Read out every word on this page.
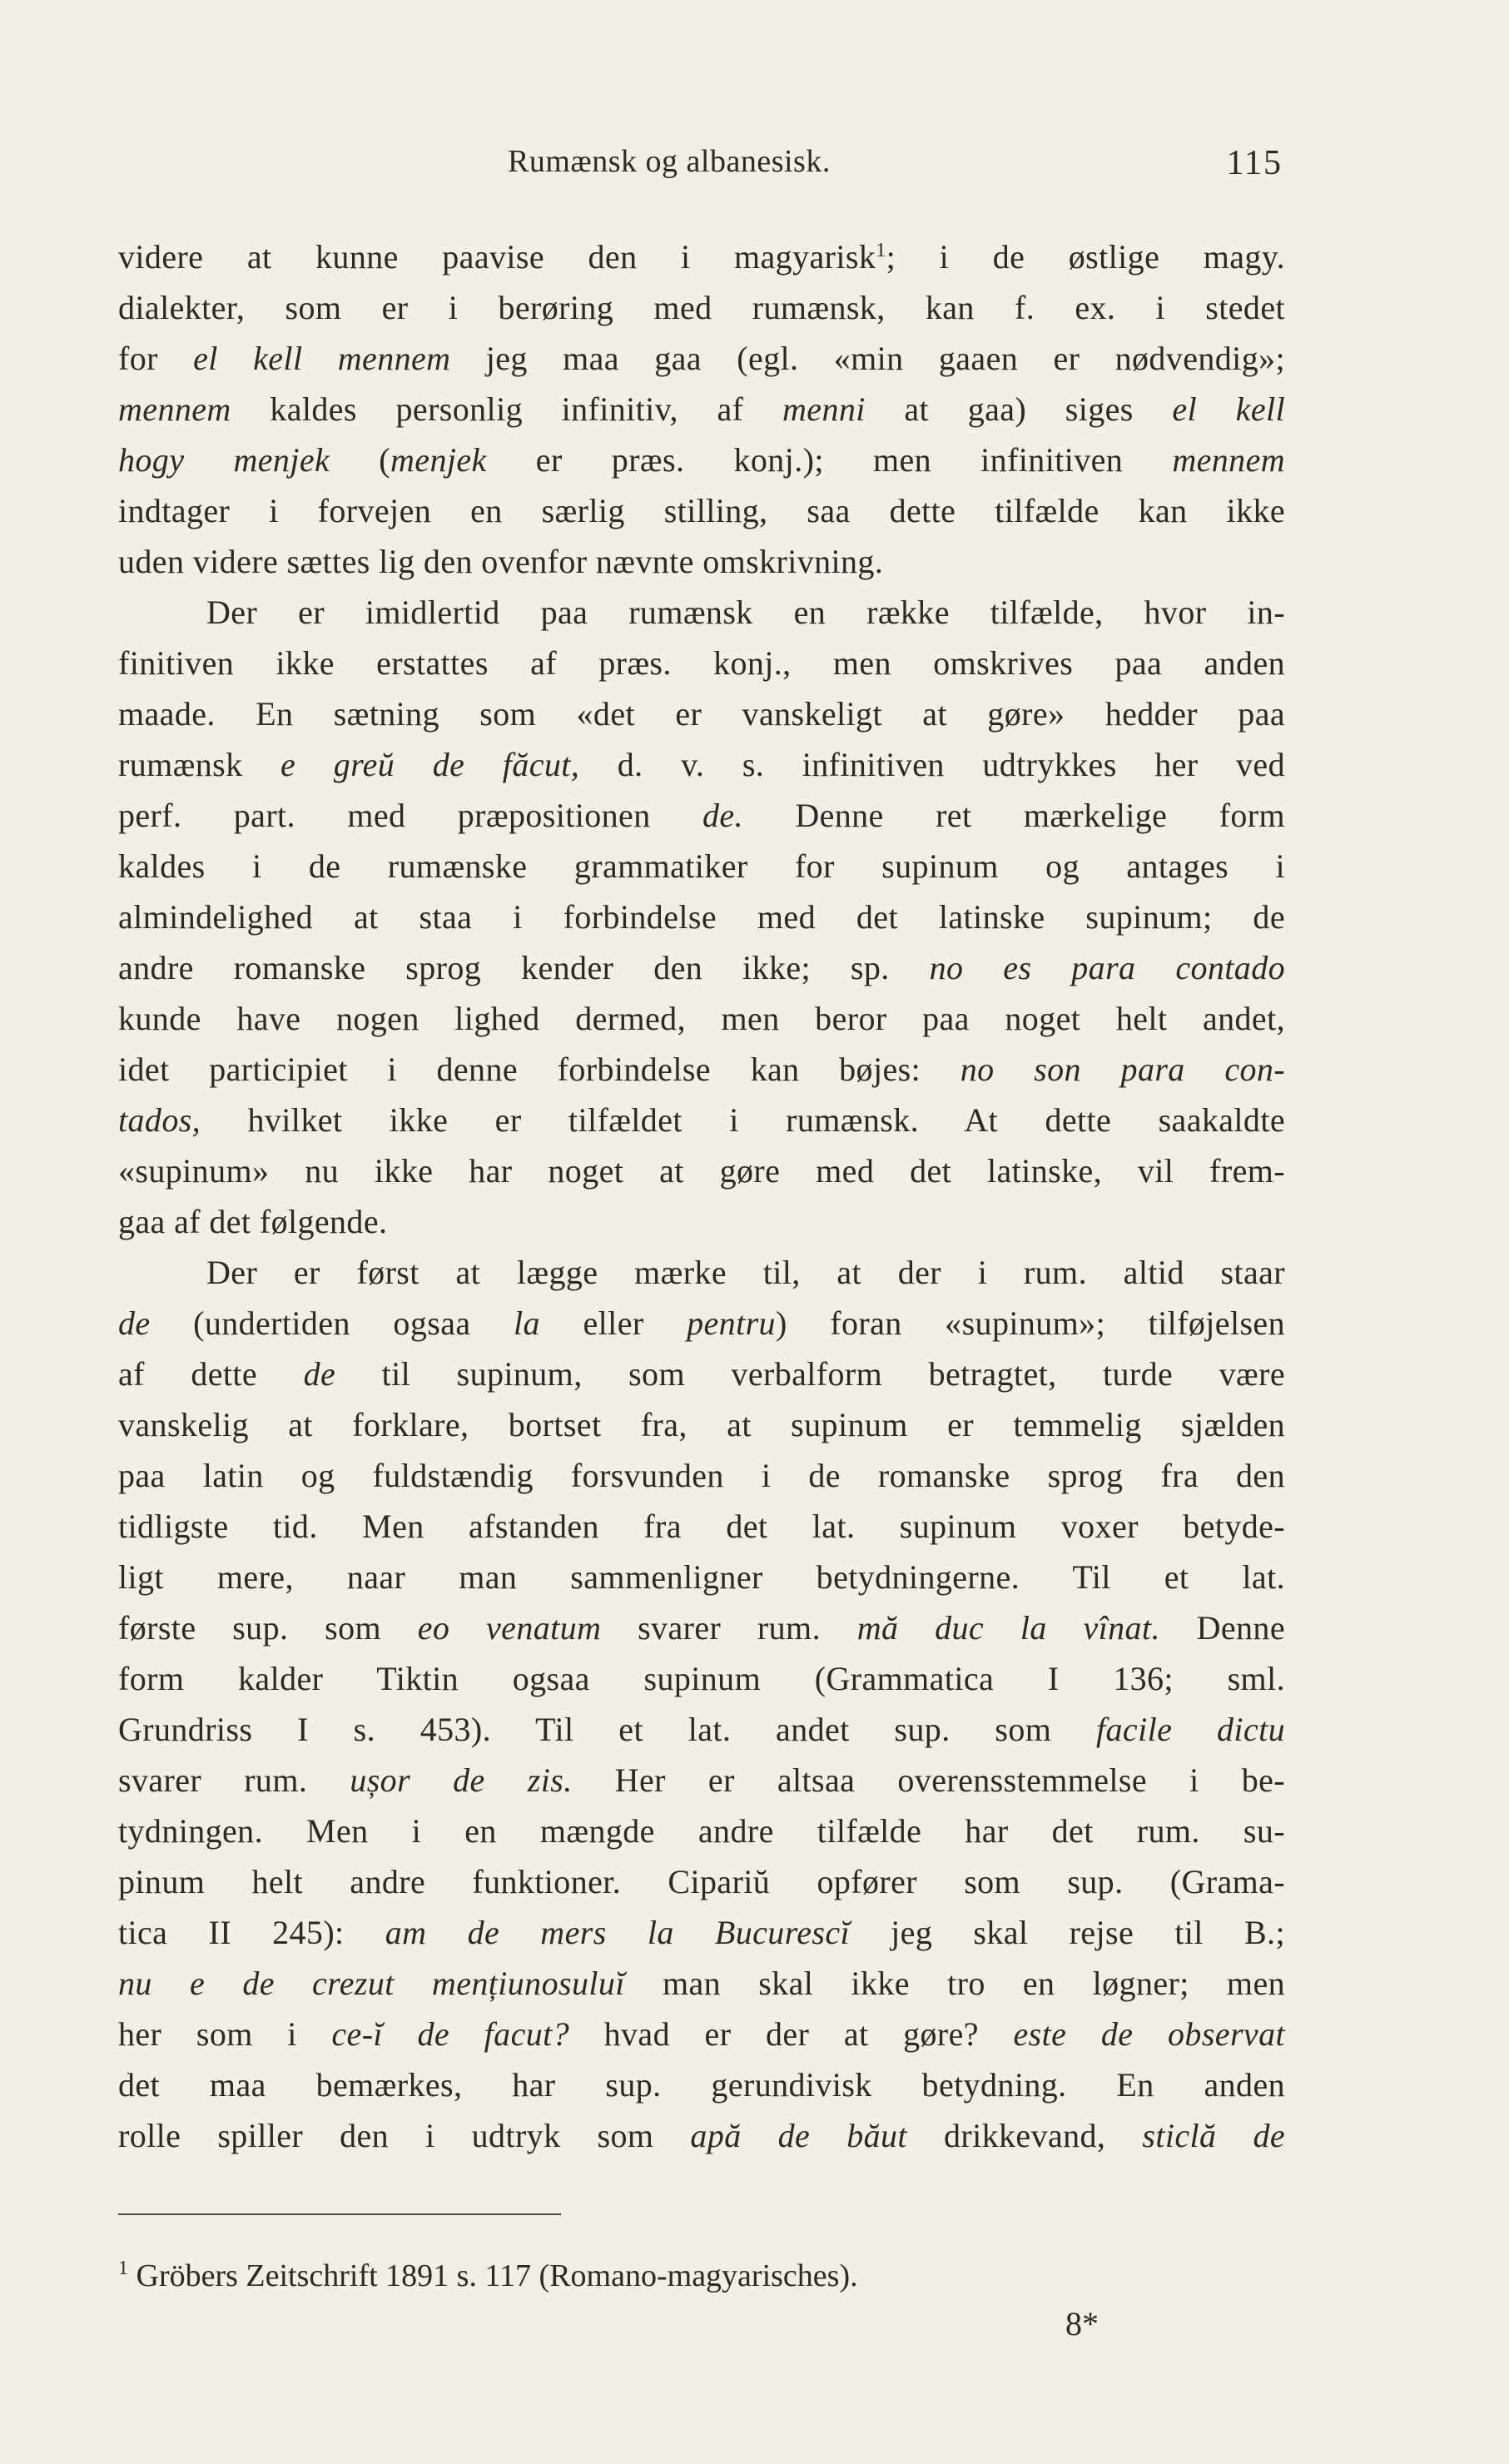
Rumænsk og albanesisk.	115
videre at kunne paavise den i magyarisk$^1$; i de østlige magy.
dialekter, som er i berøring med rumænsk, kan f. ex. i stedet
for el kell mennem jeg maa gaa (egl. «min gaaen er nødvendig»;
mennem kaldes personlig infinitiv, af menni at gaa) siges el kell
hogy menjek (menjek er præs. konj.); men infinitiven mennem
indtager i forvejen en særlig stilling, saa dette tilfælde kan ikke
uden videre sættes lig den ovenfor nævnte omskrivning.
Der er imidlertid paa rumænsk en række tilfælde, hvor in-
finitiven ikke erstattes af præs. konj., men omskrives paa anden
maade. En sætning som «det er vanskeligt at gøre» hedder paa
rumænsk e greŭ de făcut, d. v. s. infinitiven udtrykkes her ved
perf. part. med præpositionen de. Denne ret mærkelige form
kaldes i de rumænske grammatiker for supinum og antages i
almindelighed at staa i forbindelse med det latinske supinum; de
andre romanske sprog kender den ikke; sp. no es para contado
kunde have nogen lighed dermed, men beror paa noget helt andet,
idet participiet i denne forbindelse kan bøjes: no son para con-
tados, hvilket ikke er tilfældet i rumænsk. At dette saakaldte
«supinum» nu ikke har noget at gøre med det latinske, vil frem-
gaa af det følgende.
Der er først at lægge mærke til, at der i rum. altid staar
de (undertiden ogsaa la eller pentru) foran «supinum»; tilføjelsen
af dette de til supinum, som verbalform betragtet, turde være
vanskelig at forklare, bortset fra, at supinum er temmelig sjælden
paa latin og fuldstændig forsvunden i de romanske sprog fra den
tidligste tid. Men afstanden fra det lat. supinum voxer betyde-
ligt mere, naar man sammenligner betydningerne. Til et lat.
første sup. som eo venatum svarer rum. mă duc la vînat. Denne
form kalder Tiktin ogsaa supinum (Grammatica I 136; sml.
Grundriss I s. 453). Til et lat. andet sup. som facile dictu
svarer rum. ușor de zis. Her er altsaa overensstemmelse i be-
tydningen. Men i en mængde andre tilfælde har det rum. su-
pinum helt andre funktioner. Cipariŭ opfører som sup. (Grama-
tica II 245): am de mers la Bucurescĭ jeg skal rejse til B.;
nu e de crezut mențiunosuluĭ man skal ikke tro en løgner; men
her som i ce-ĭ de facut? hvad er der at gøre? este de observat
det maa bemærkes, har sup. gerundivisk betydning. En anden
rolle spiller den i udtryk som apă de băut drikkevand, sticlă de
$^1$ Gröbers Zeitschrift 1891 s. 117 (Romano-magyarisches).
8*
